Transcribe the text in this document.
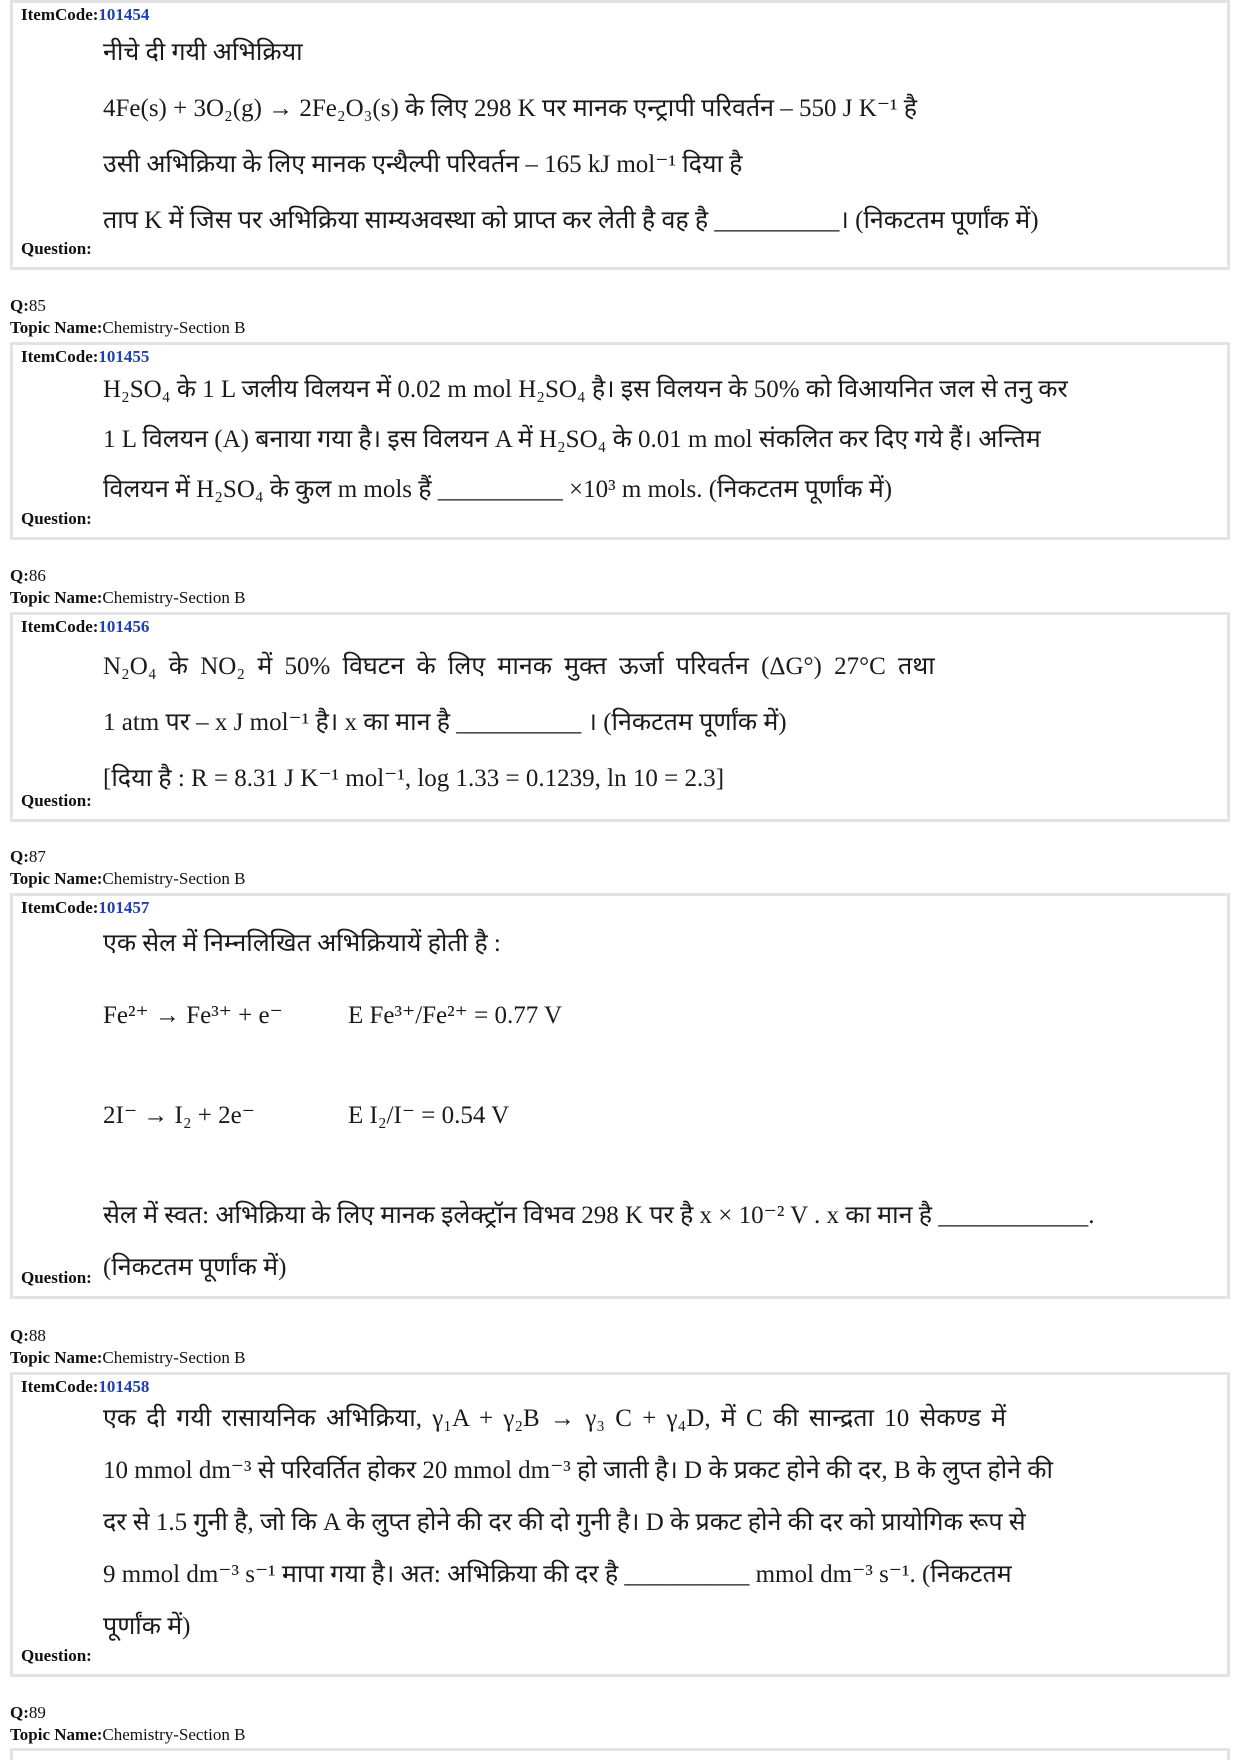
ItemCode:101454

नीचे दी गयी अभिक्रिया

4Fe(s) + 3O₂(g) → 2Fe₂O₃(s) के लिए 298 K पर मानक एन्ट्रापी परिवर्तन – 550 J K⁻¹ है

उसी अभिक्रिया के लिए मानक एन्थैल्पी परिवर्तन – 165 kJ mol⁻¹ दिया है

ताप K में जिस पर अभिक्रिया साम्यअवस्था को प्राप्त कर लेती है वह है __________। (निकटतम पूर्णांक में)

Question:
Q:85
Topic Name:Chemistry-Section B
ItemCode:101455

H₂SO₄ के 1 L जलीय विलयन में 0.02 m mol H₂SO₄ है। इस विलयन के 50% को विआयनित जल से तनु कर

1 L विलयन (A) बनाया गया है। इस विलयन A में H₂SO₄ के 0.01 m mol संकलित कर दिए गये हैं। अन्तिम

विलयन में H₂SO₄ के कुल m mols हैं __________ ×10³ m mols. (निकटतम पूर्णांक में)

Question:
Q:86
Topic Name:Chemistry-Section B
ItemCode:101456

N₂O₄ के NO₂ में 50% विघटन के लिए मानक मुक्त ऊर्जा परिवर्तन (ΔG°) 27°C तथा

1 atm पर – x J mol⁻¹ है। x का मान है __________ । (निकटतम पूर्णांक में)

[दिया है : R = 8.31 J K⁻¹ mol⁻¹, log 1.33 = 0.1239, ln 10 = 2.3]

Question:
Q:87
Topic Name:Chemistry-Section B
ItemCode:101457

एक सेल में निम्नलिखित अभिक्रियायें होती है :

Fe²⁺ → Fe³⁺ + e⁻	E Fe³⁺/Fe²⁺ = 0.77 V
2I⁻ → I₂ + 2e⁻	E I₂/I⁻ = 0.54 V

सेल में स्वत: अभिक्रिया के लिए मानक इलेक्ट्रॉन विभव 298 K पर है x × 10⁻² V . x का मान है ____________.

(निकटतम पूर्णांक में)

Question:
Q:88
Topic Name:Chemistry-Section B
ItemCode:101458

एक दी गयी रासायनिक अभिक्रिया, γ₁A + γ₂B → γ₃ C + γ₄D, में C की सान्द्रता 10 सेकण्ड में

10 mmol dm⁻³ से परिवर्तित होकर 20 mmol dm⁻³ हो जाती है। D के प्रकट होने की दर, B के लुप्त होने की

दर से 1.5 गुनी है, जो कि A के लुप्त होने की दर की दो गुनी है। D के प्रकट होने की दर को प्रायोगिक रूप से

9 mmol dm⁻³ s⁻¹ मापा गया है। अत: अभिक्रिया की दर है __________ mmol dm⁻³ s⁻¹. (निकटतम

पूर्णांक में)

Question:
Q:89
Topic Name:Chemistry-Section B
